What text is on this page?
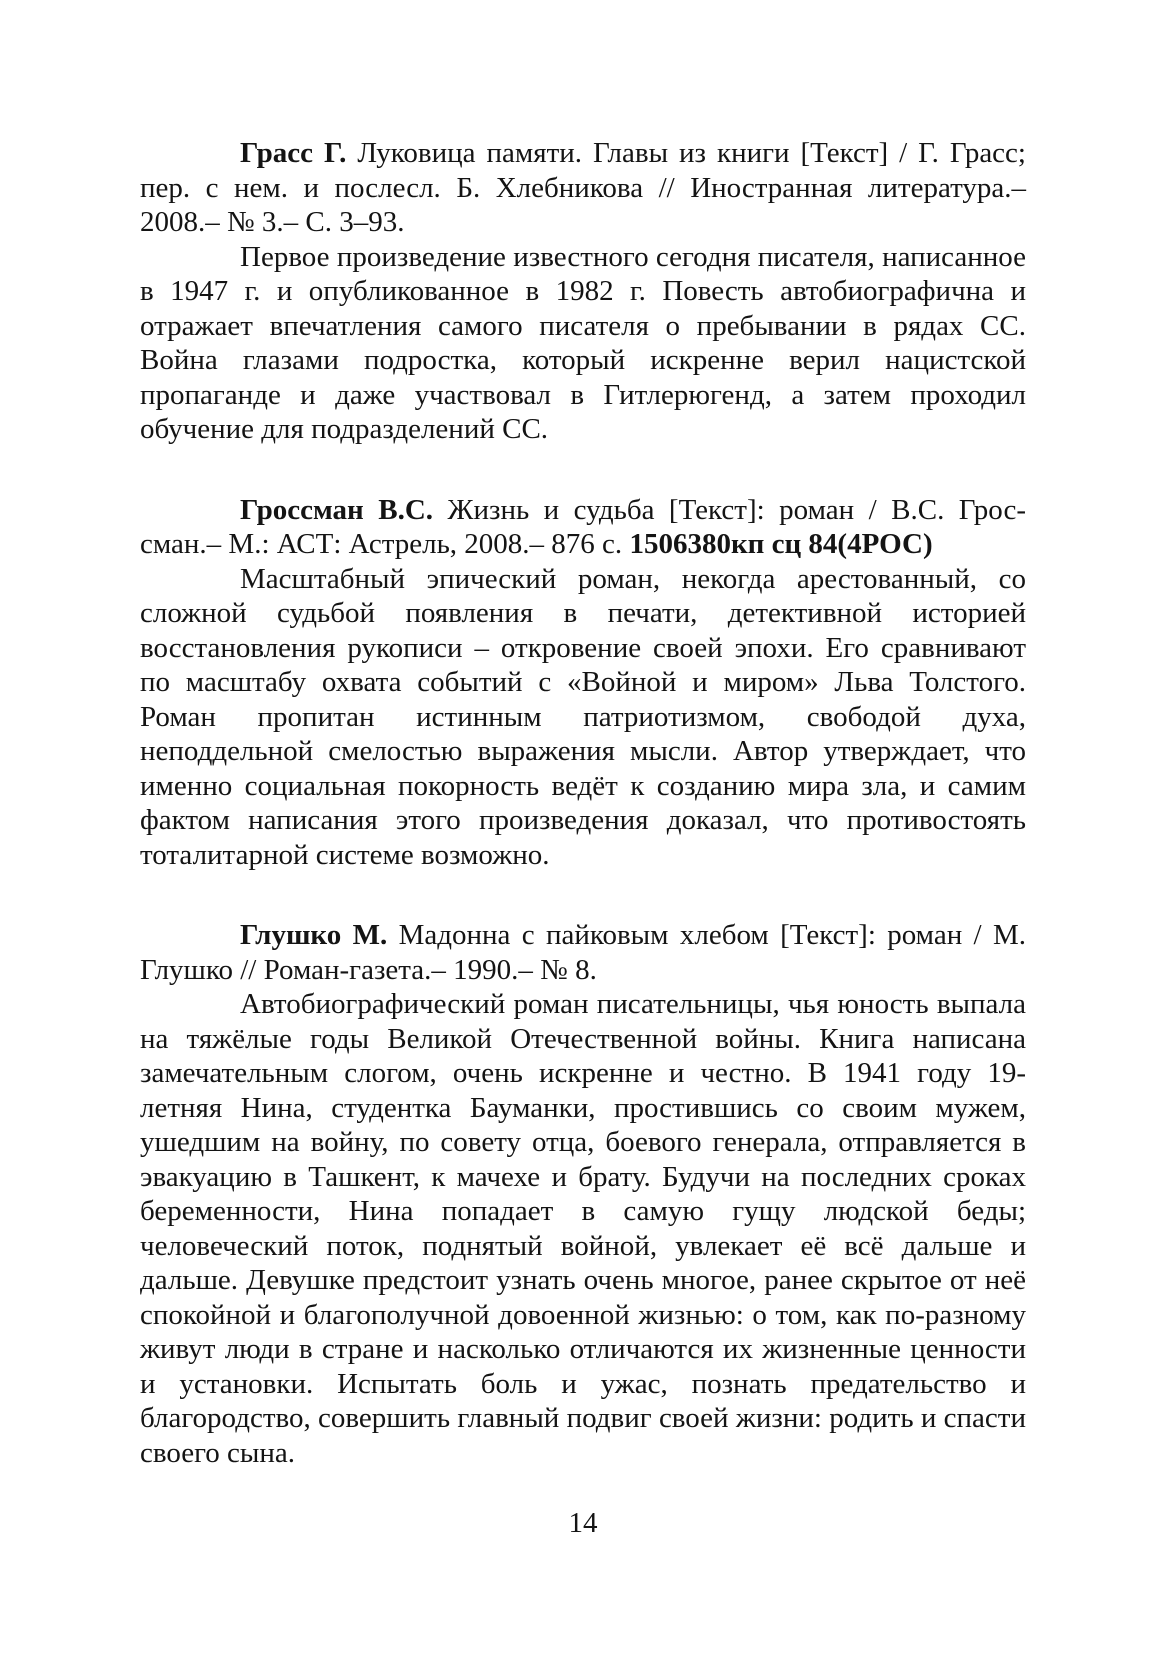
Грасс Г. Луковица памяти. Главы из книги [Текст] / Г. Грасс; пер. с нем. и послесл. Б. Хлебникова // Иностранная литература.– 2008.– № 3.– С. 3–93.

Первое произведение известного сегодня писателя, написанное в 1947 г. и опубликованное в 1982 г. Повесть автобиографична и отражает впечатления самого писателя о пребывании в рядах СС. Война глазами подростка, который искренне верил нацистской пропаганде и даже участвовал в Гитлерюгенд, а затем проходил обучение для подразделений СС.

Гроссман В.С. Жизнь и судьба [Текст]: роман / В.С. Гроссман.– М.: АСТ: Астрель, 2008.– 876 с. 1506380кп сц 84(4РОС)

Масштабный эпический роман, некогда арестованный, со сложной судьбой появления в печати, детективной историей восстановления рукописи – откровение своей эпохи. Его сравнивают по масштабу охвата событий с «Войной и миром» Льва Толстого. Роман пропитан истинным патриотизмом, свободой духа, неподдельной смелостью выражения мысли. Автор утверждает, что именно социальная покорность ведёт к созданию мира зла, и самим фактом написания этого произведения доказал, что противостоять тоталитарной системе возможно.

Глушко М. Мадонна с пайковым хлебом [Текст]: роман / М. Глушко // Роман-газета.– 1990.– № 8.

Автобиографический роман писательницы, чья юность выпала на тяжёлые годы Великой Отечественной войны. Книга написана замечательным слогом, очень искренне и честно. В 1941 году 19-летняя Нина, студентка Бауманки, простившись со своим мужем, ушедшим на войну, по совету отца, боевого генерала, отправляется в эвакуацию в Ташкент, к мачехе и брату. Будучи на последних сроках беременности, Нина попадает в самую гущу людской беды; человеческий поток, поднятый войной, увлекает её всё дальше и дальше. Девушке предстоит узнать очень многое, ранее скрытое от неё спокойной и благополучной довоенной жизнью: о том, как по-разному живут люди в стране и насколько отличаются их жизненные ценности и установки. Испытать боль и ужас, познать предательство и благородство, совершить главный подвиг своей жизни: родить и спасти своего сына.

14
